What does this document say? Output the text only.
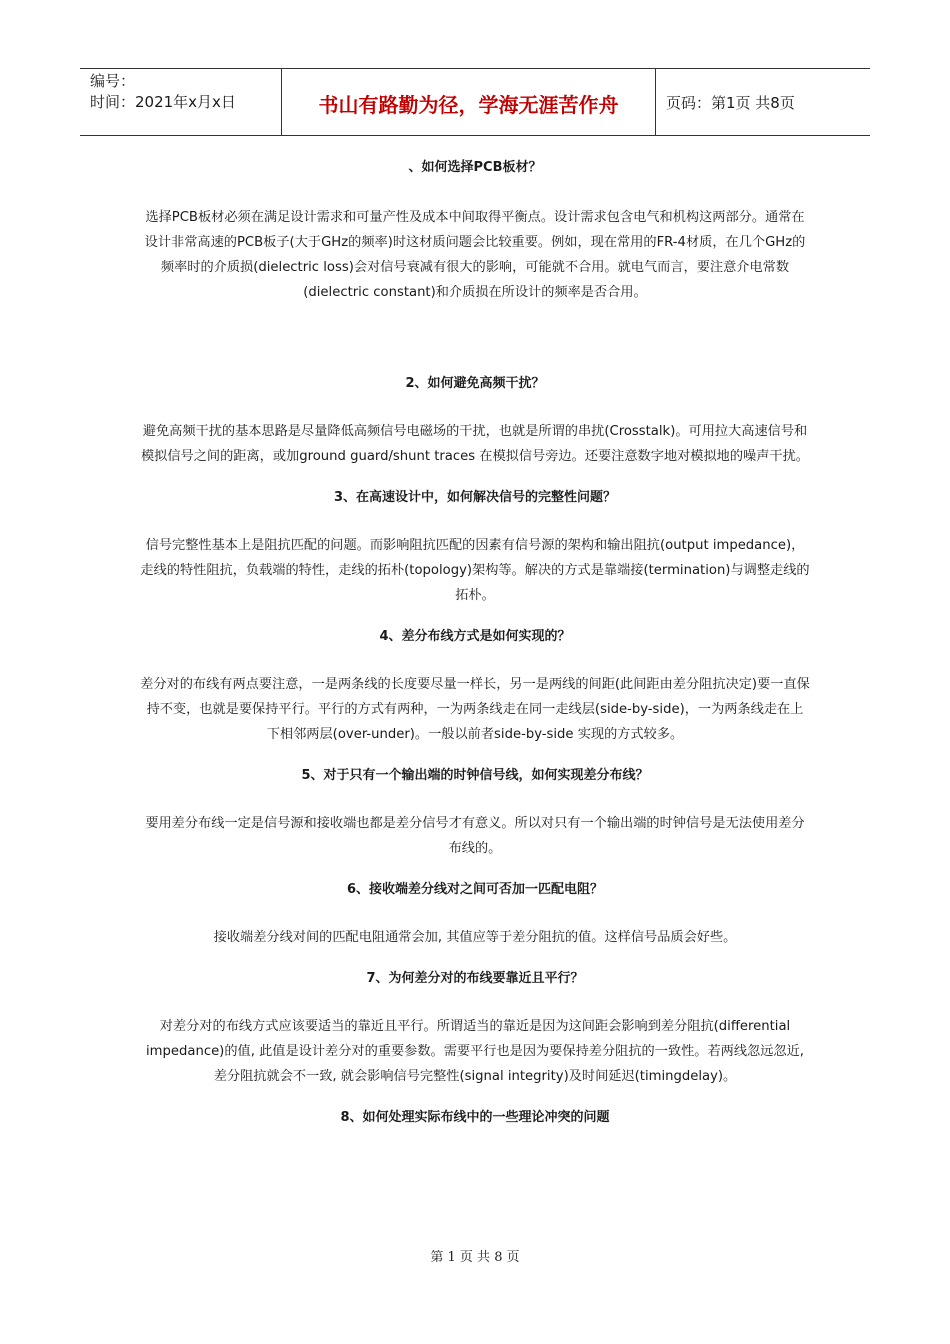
编号：
时间：2021年x月x日	书山有路勤为径，学海无涯苦作舟	页码：第1页 共8页

、如何选择PCB板材？

选择PCB板材必须在满足设计需求和可量产性及成本中间取得平衡点。设计需求包含电气和机构这两部分。通常在设计非常高速的PCB板子(大于GHz的频率)时这材质问题会比较重要。例如，现在常用的FR-4材质，在几个GHz的频率时的介质损(dielectric loss)会对信号衰减有很大的影响，可能就不合用。就电气而言，要注意介电常数(dielectric constant)和介质损在所设计的频率是否合用。

2、如何避免高频干扰？

避免高频干扰的基本思路是尽量降低高频信号电磁场的干扰，也就是所谓的串扰(Crosstalk)。可用拉大高速信号和模拟信号之间的距离，或加ground guard/shunt traces 在模拟信号旁边。还要注意数字地对模拟地的噪声干扰。

3、在高速设计中，如何解决信号的完整性问题？

信号完整性基本上是阻抗匹配的问题。而影响阻抗匹配的因素有信号源的架构和输出阻抗(output impedance)，走线的特性阻抗，负载端的特性，走线的拓朴(topology)架构等。解决的方式是靠端接(termination)与调整走线的拓朴。

4、差分布线方式是如何实现的？

差分对的布线有两点要注意，一是两条线的长度要尽量一样长，另一是两线的间距(此间距由差分阻抗决定)要一直保持不变，也就是要保持平行。平行的方式有两种，一为两条线走在同一走线层(side-by-side)，一为两条线走在上下相邻两层(over-under)。一般以前者side-by-side 实现的方式较多。

5、对于只有一个输出端的时钟信号线，如何实现差分布线？

要用差分布线一定是信号源和接收端也都是差分信号才有意义。所以对只有一个输出端的时钟信号是无法使用差分布线的。

6、接收端差分线对之间可否加一匹配电阻？

接收端差分线对间的匹配电阻通常会加, 其值应等于差分阻抗的值。这样信号品质会好些。

7、为何差分对的布线要靠近且平行？

对差分对的布线方式应该要适当的靠近且平行。所谓适当的靠近是因为这间距会影响到差分阻抗(differential impedance)的值, 此值是设计差分对的重要参数。需要平行也是因为要保持差分阻抗的一致性。若两线忽远忽近, 差分阻抗就会不一致, 就会影响信号完整性(signal integrity)及时间延迟(timingdelay)。

8、如何处理实际布线中的一些理论冲突的问题

第 1 页 共 8 页
